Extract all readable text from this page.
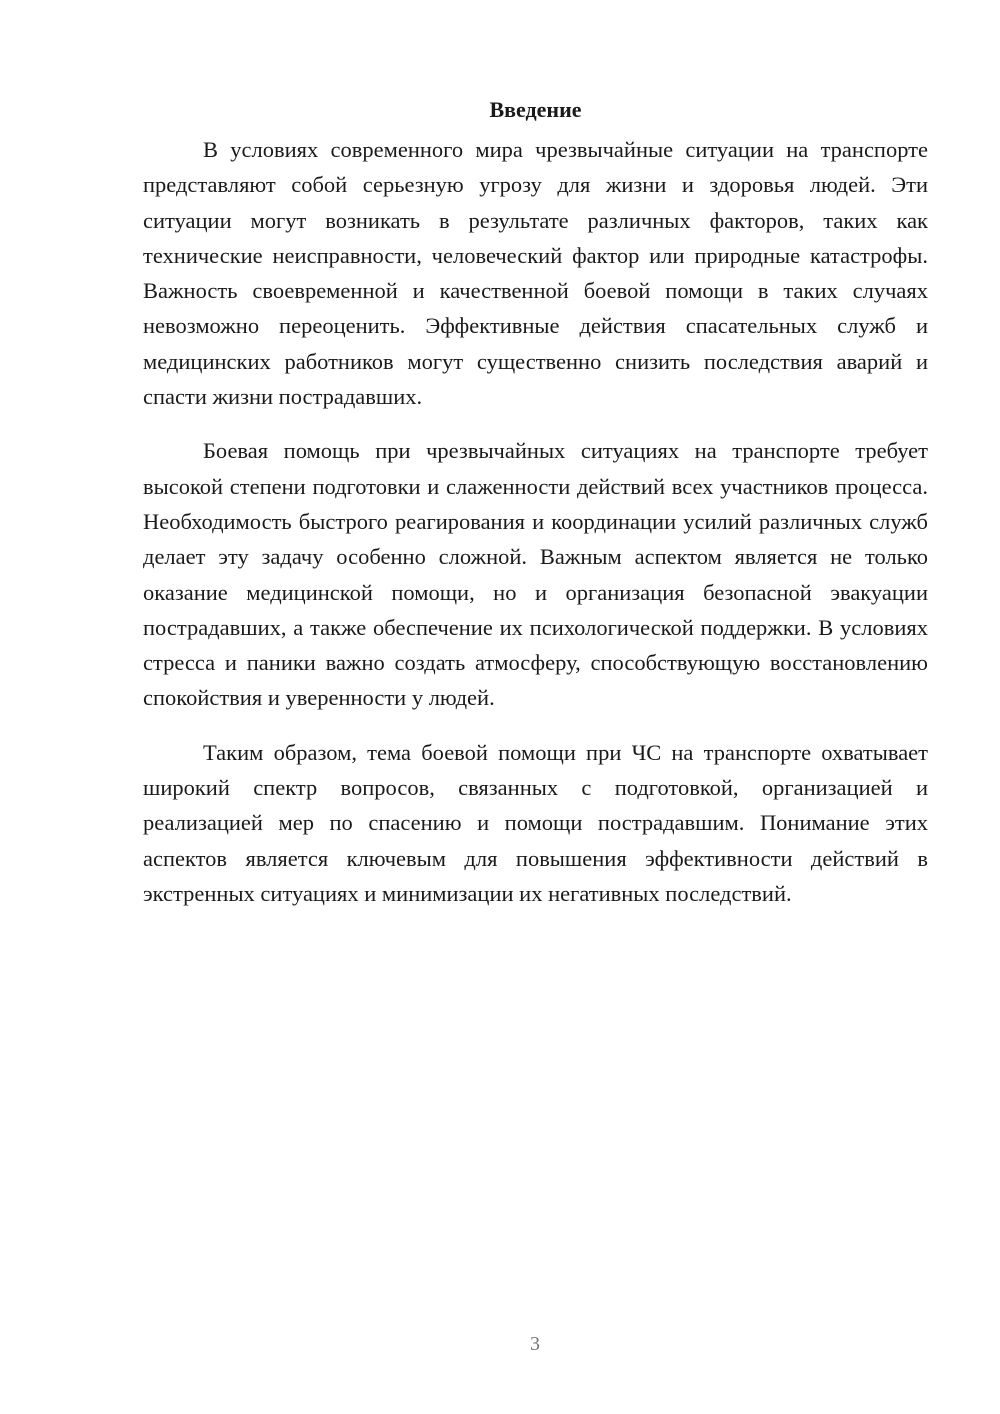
Введение

В условиях современного мира чрезвычайные ситуации на транспорте представляют собой серьезную угрозу для жизни и здоровья людей. Эти ситуации могут возникать в результате различных факторов, таких как технические неисправности, человеческий фактор или природные катастрофы. Важность своевременной и качественной боевой помощи в таких случаях невозможно переоценить. Эффективные действия спасательных служб и медицинских работников могут существенно снизить последствия аварий и спасти жизни пострадавших.

Боевая помощь при чрезвычайных ситуациях на транспорте требует высокой степени подготовки и слаженности действий всех участников процесса. Необходимость быстрого реагирования и координации усилий различных служб делает эту задачу особенно сложной. Важным аспектом является не только оказание медицинской помощи, но и организация безопасной эвакуации пострадавших, а также обеспечение их психологической поддержки. В условиях стресса и паники важно создать атмосферу, способствующую восстановлению спокойствия и уверенности у людей.

Таким образом, тема боевой помощи при ЧС на транспорте охватывает широкий спектр вопросов, связанных с подготовкой, организацией и реализацией мер по спасению и помощи пострадавшим. Понимание этих аспектов является ключевым для повышения эффективности действий в экстренных ситуациях и минимизации их негативных последствий.

3
